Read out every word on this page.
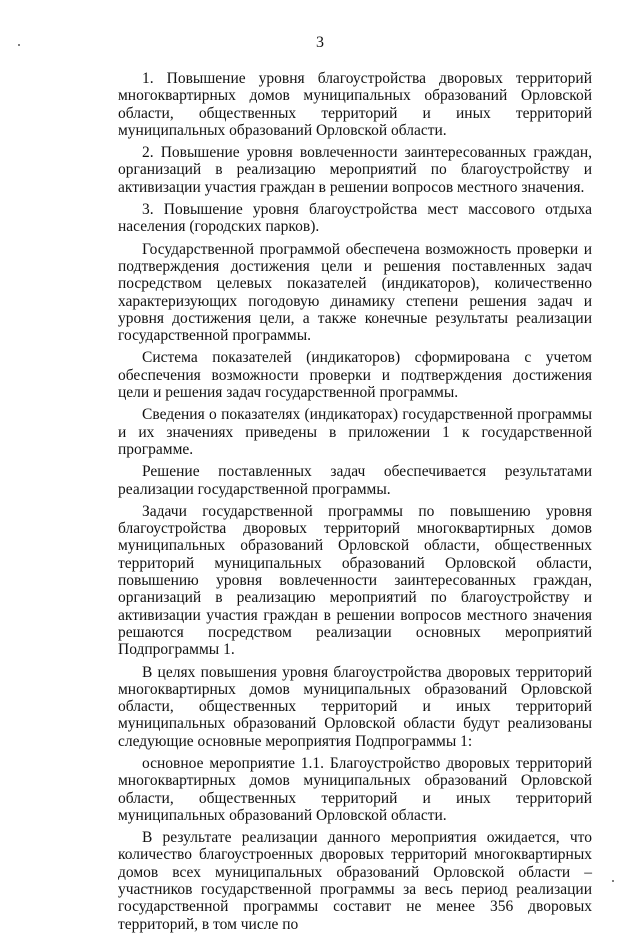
3

1. Повышение уровня благоустройства дворовых территорий многоквартирных домов муниципальных образований Орловской области, общественных территорий и иных территорий муниципальных образований Орловской области.

2. Повышение уровня вовлеченности заинтересованных граждан, организаций в реализацию мероприятий по благоустройству и активизации участия граждан в решении вопросов местного значения.

3. Повышение уровня благоустройства мест массового отдыха населения (городских парков).

Государственной программой обеспечена возможность проверки и подтверждения достижения цели и решения поставленных задач посредством целевых показателей (индикаторов), количественно характеризующих погодовую динамику степени решения задач и уровня достижения цели, а также конечные результаты реализации государственной программы.

Система показателей (индикаторов) сформирована с учетом обеспечения возможности проверки и подтверждения достижения цели и решения задач государственной программы.

Сведения о показателях (индикаторах) государственной программы и их значениях приведены в приложении 1 к государственной программе.

Решение поставленных задач обеспечивается результатами реализации государственной программы.

Задачи государственной программы по повышению уровня благоустройства дворовых территорий многоквартирных домов муниципальных образований Орловской области, общественных территорий муниципальных образований Орловской области, повышению уровня вовлеченности заинтересованных граждан, организаций в реализацию мероприятий по благоустройству и активизации участия граждан в решении вопросов местного значения решаются посредством реализации основных мероприятий Подпрограммы 1.

В целях повышения уровня благоустройства дворовых территорий многоквартирных домов муниципальных образований Орловской области, общественных территорий и иных территорий муниципальных образований Орловской области будут реализованы следующие основные мероприятия Подпрограммы 1:

основное мероприятие 1.1. Благоустройство дворовых территорий многоквартирных домов муниципальных образований Орловской области, общественных территорий и иных территорий муниципальных образований Орловской области.

В результате реализации данного мероприятия ожидается, что количество благоустроенных дворовых территорий многоквартирных домов всех муниципальных образований Орловской области – участников государственной программы за весь период реализации государственной программы составит не менее 356 дворовых территорий, в том числе по
